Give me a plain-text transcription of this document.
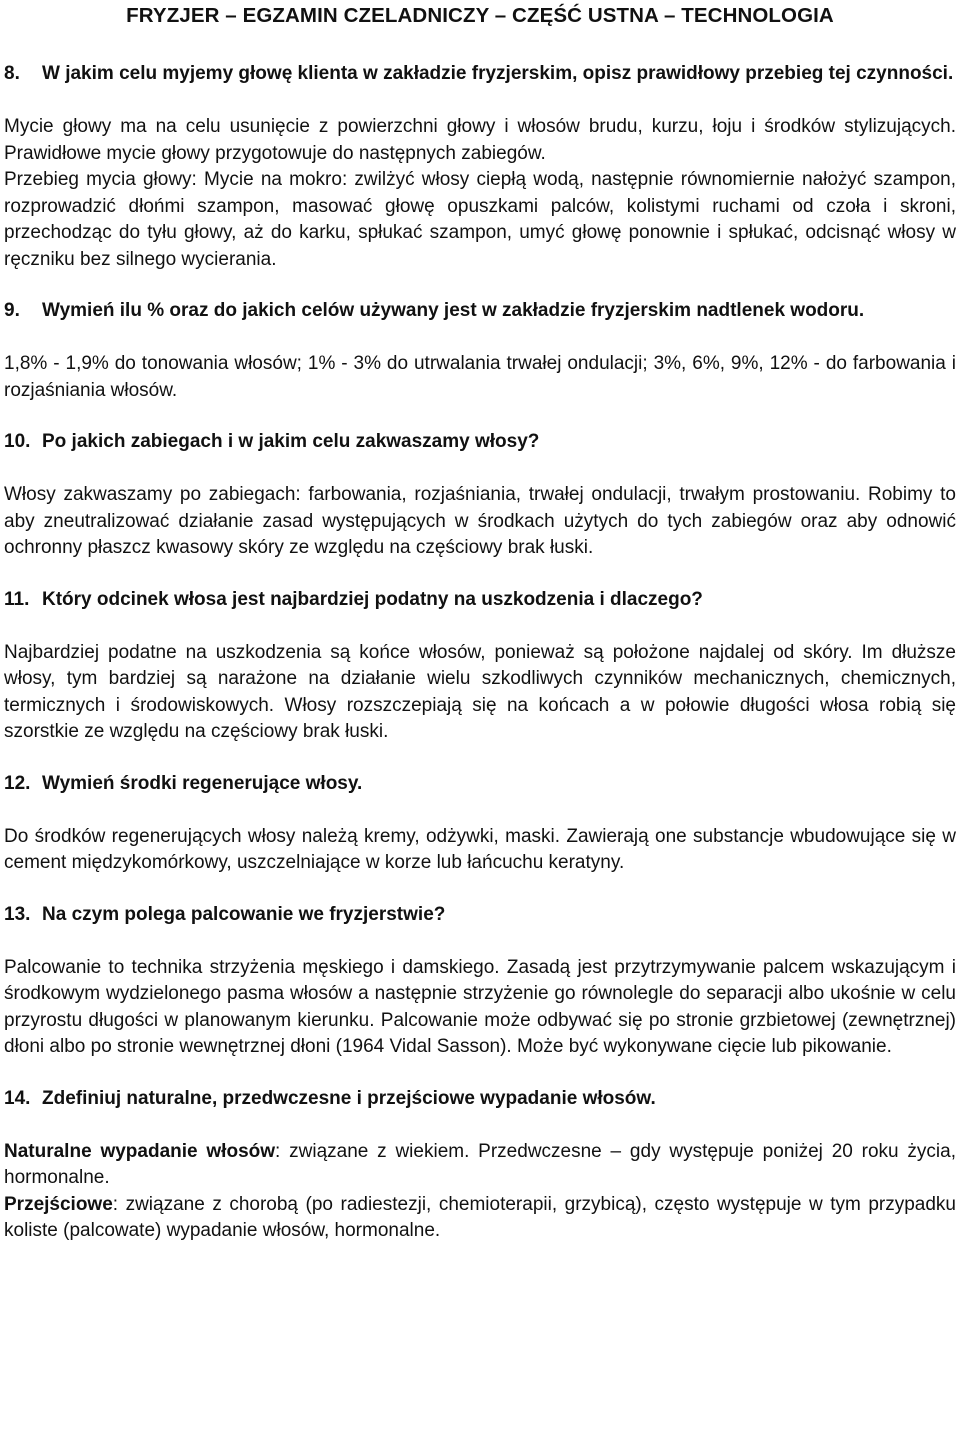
FRYZJER – EGZAMIN CZELADNICZY – CZĘŚĆ USTNA – TECHNOLOGIA
8. W jakim celu myjemy głowę klienta w zakładzie fryzjerskim, opisz prawidłowy przebieg tej czynności.
Mycie głowy ma na celu usunięcie z powierzchni głowy i włosów brudu, kurzu, łoju i środków stylizujących. Prawidłowe mycie głowy przygotowuje do następnych zabiegów.
Przebieg mycia głowy: Mycie na mokro: zwilżyć włosy ciepłą wodą, następnie równomiernie nałożyć szampon, rozprowadzić dłońmi szampon, masować głowę opuszkami palców, kolistymi ruchami od czoła i skroni, przechodząc do tyłu głowy, aż do karku, spłukać szampon, umyć głowę ponownie i spłukać, odcisnąć włosy w ręczniku bez silnego wycierania.
9. Wymień ilu % oraz do jakich celów używany jest w zakładzie fryzjerskim nadtlenek wodoru.
1,8% - 1,9% do tonowania włosów; 1% - 3% do utrwalania trwałej ondulacji; 3%, 6%, 9%, 12% - do farbowania i rozjaśniania włosów.
10. Po jakich zabiegach i w jakim celu zakwaszamy włosy?
Włosy zakwaszamy po zabiegach: farbowania, rozjaśniania, trwałej ondulacji, trwałym prostowaniu. Robimy to aby zneutralizować działanie zasad występujących w środkach użytych do tych zabiegów oraz aby odnowić ochronny płaszcz kwasowy skóry ze względu na częściowy brak łuski.
11. Który odcinek włosa jest najbardziej podatny na uszkodzenia i dlaczego?
Najbardziej podatne na uszkodzenia są końce włosów, ponieważ są położone najdalej od skóry. Im dłuższe włosy, tym bardziej są narażone na działanie wielu szkodliwych czynników mechanicznych, chemicznych, termicznych i środowiskowych. Włosy rozszczepiają się na końcach a w połowie długości włosa robią się szorstkie ze względu na częściowy brak łuski.
12. Wymień środki regenerujące włosy.
Do środków regenerujących włosy należą kremy, odżywki, maski. Zawierają one substancje wbudowujące się w cement międzykomórkowy, uszczelniające w korze lub łańcuchu keratyny.
13. Na czym polega palcowanie we fryzjerstwie?
Palcowanie to technika strzyżenia męskiego i damskiego. Zasadą jest przytrzymywanie palcem wskazującym i środkowym wydzielonego pasma włosów a następnie strzyżenie go równolegle do separacji albo ukośnie w celu przyrostu długości w planowanym kierunku. Palcowanie może odbywać się po stronie grzbietowej (zewnętrznej) dłoni albo po stronie wewnętrznej dłoni (1964 Vidal Sasson). Może być wykonywane cięcie lub pikowanie.
14. Zdefiniuj naturalne, przedwczesne i przejściowe wypadanie włosów.
Naturalne wypadanie włosów: związane z wiekiem. Przedwczesne – gdy występuje poniżej 20 roku życia, hormonalne.
Przejściowe: związane z chorobą (po radiestezji, chemioterapii, grzybicą), często występuje w tym przypadku koliste (palcowate) wypadanie włosów, hormonalne.
